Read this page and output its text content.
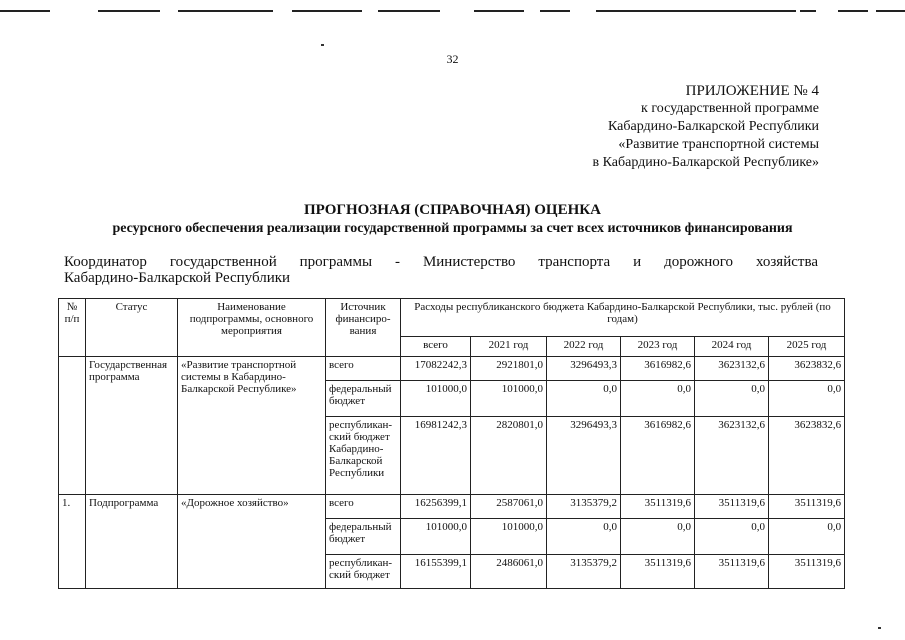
32
ПРИЛОЖЕНИЕ № 4
к государственной программе
Кабардино-Балкарской Республики
«Развитие транспортной системы
в Кабардино-Балкарской Республике»
ПРОГНОЗНАЯ (СПРАВОЧНАЯ) ОЦЕНКА
ресурсного обеспечения реализации государственной программы за счет всех источников финансирования
Координатор государственной программы - Министерство транспорта и дорожного хозяйства
Кабардино-Балкарской Республики
№ п/п	Статус	Наименование подпрограммы, основного мероприятия	Источник финансиро-вания	Расходы республиканского бюджета Кабардино-Балкарской Республики, тыс. рублей (по годам)					
				всего	2021 год	2022 год	2023 год	2024 год	2025 год
	Государственная программа	«Развитие транспортной системы в Кабардино-Балкарской Республике»	всего	17082242,3	2921801,0	3296493,3	3616982,6	3623132,6	3623832,6
			федеральный бюджет	101000,0	101000,0	0,0	0,0	0,0	0,0
			республикан-ский бюджет Кабардино-Балкарской Республики	16981242,3	2820801,0	3296493,3	3616982,6	3623132,6	3623832,6
1.	Подпрограмма	«Дорожное хозяйство»	всего	16256399,1	2587061,0	3135379,2	3511319,6	3511319,6	3511319,6
			федеральный бюджет	101000,0	101000,0	0,0	0,0	0,0	0,0
			республикан-ский бюджет	16155399,1	2486061,0	3135379,2	3511319,6	3511319,6	3511319,6
